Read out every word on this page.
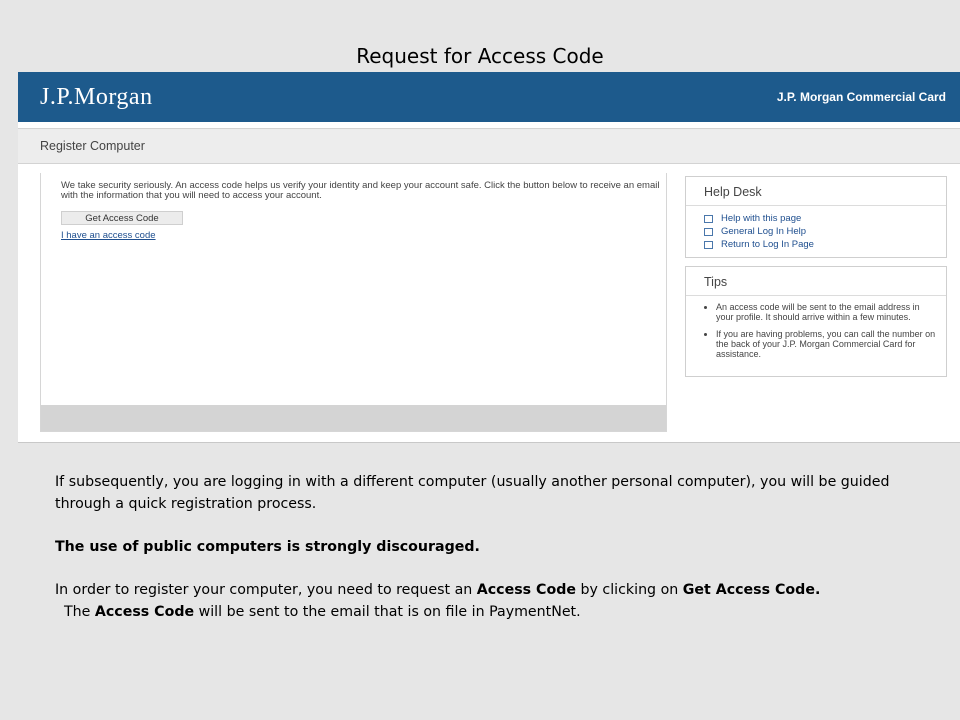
Request for Access Code
J.P.Morgan	J.P. Morgan Commercial Card
Register Computer
We take security seriously. An access code helps us verify your identity and keep your account safe. Click the button below to receive an email with the information that you will need to access your account.
Get Access Code
I have an access code
Help Desk
Help with this page
General Log In Help
Return to Log In Page
Tips
• An access code will be sent to the email address in your profile. It should arrive within a few minutes.
• If you are having problems, you can call the number on the back of your J.P. Morgan Commercial Card for assistance.
If subsequently, you are logging in with a different computer (usually another personal computer), you will be guided through a quick registration process.
The use of public computers is strongly discouraged.
In order to register your computer, you need to request an Access Code by clicking on Get Access Code.  The Access Code will be sent to the email that is on file in PaymentNet.
